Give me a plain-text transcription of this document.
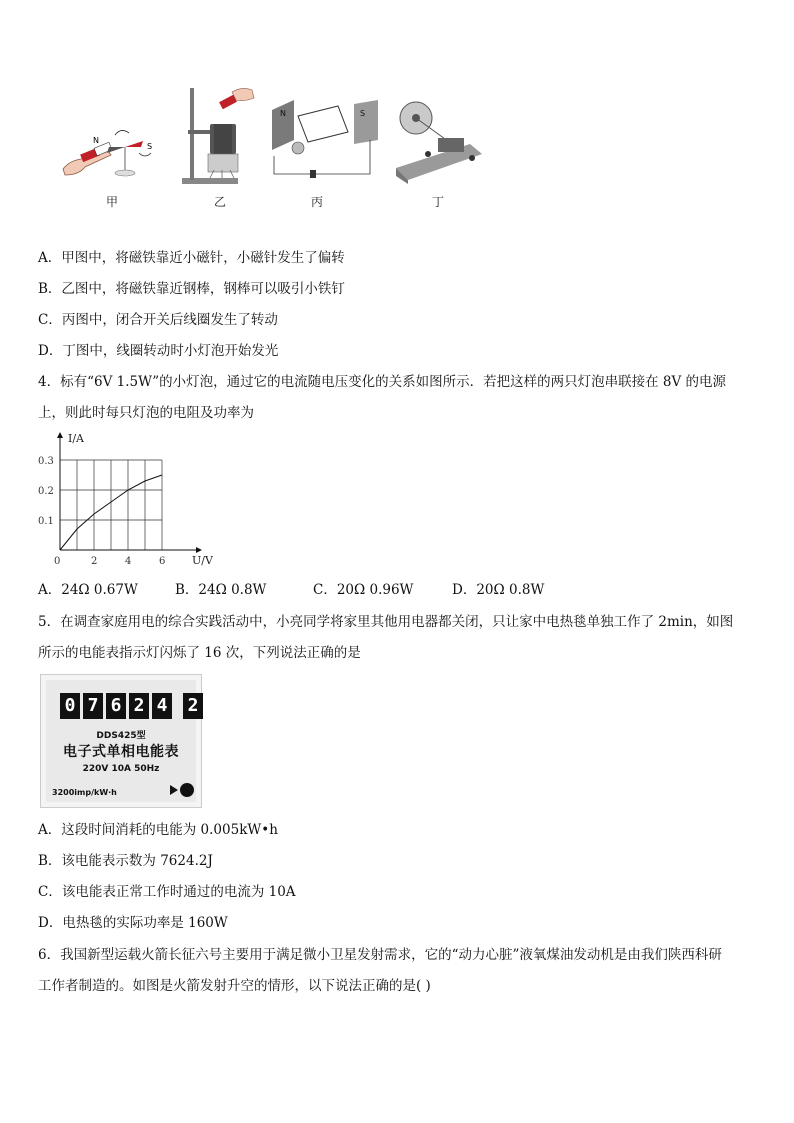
N
S
N	S
甲	乙	丙	丁
A．甲图中，将磁铁靠近小磁针，小磁针发生了偏转
B．乙图中，将磁铁靠近钢棒，钢棒可以吸引小铁钉
C．丙图中，闭合开关后线圈发生了转动
D．丁图中，线圈转动时小灯泡开始发光
4．标有“6V 1.5W”的小灯泡，通过它的电流随电压变化的关系如图所示．若把这样的两只灯泡串联接在 8V 的电源
上，则此时每只灯泡的电阻及功率为
0	2	4	6
0.1
0.2
0.3
U/V
I/A
A．24Ω 0.67W	B．24Ω 0.8W	C．20Ω 0.96W	D．20Ω 0.8W
5．在调查家庭用电的综合实践活动中，小亮同学将家里其他用电器都关闭，只让家中电热毯单独工作了 2min，如图
所示的电能表指示灯闪烁了 16 次，下列说法正确的是
0 7 6 2 4 2
DDS425型
电子式单相电能表
220V 10A 50Hz
3200imp/kW·h
A．这段时间消耗的电能为 0.005kW•h
B．该电能表示数为 7624.2J
C．该电能表正常工作时通过的电流为 10A
D．电热毯的实际功率是 160W
6．我国新型运载火箭长征六号主要用于满足微小卫星发射需求，它的“动力心脏”液氧煤油发动机是由我们陕西科研
工作者制造的。如图是火箭发射升空的情形，以下说法正确的是( )
